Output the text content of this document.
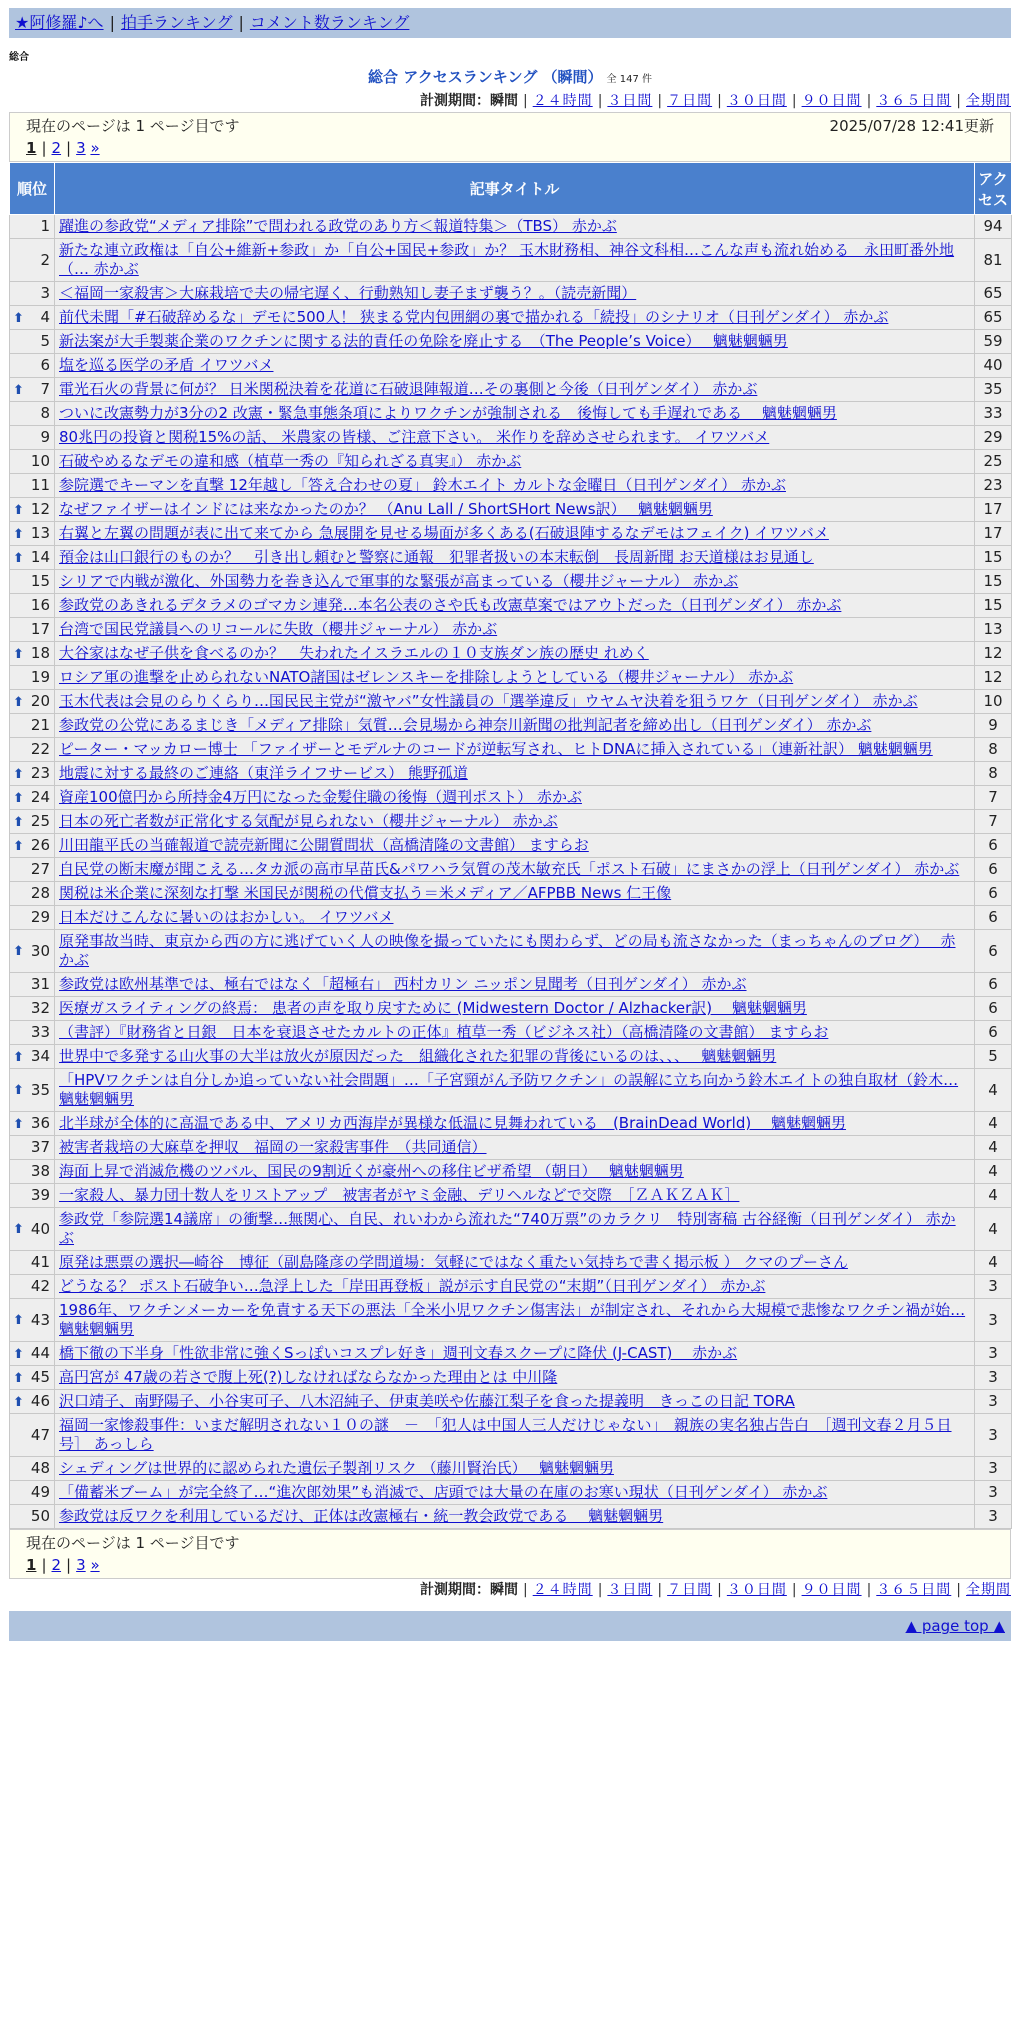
★阿修羅♪へ | 拍手ランキング | コメント数ランキング
総合
総合 アクセスランキング （瞬間） 全 147 件
計測期間：瞬間 | ２４時間 | ３日間 | ７日間 | ３０日間 | ９０日間 | ３６５日間 | 全期間
現在のページは 1 ページ目です	2025/07/28 12:41更新
1 | 2 | 3 »
順位	記事タイトル	アクセス
1	躍進の参政党“メディア排除”で問われる政党のあり方＜報道特集＞（TBS） 赤かぶ	94
2	新たな連立政権は「自公+維新+参政」か「自公+国民+参政」か？ 玉木財務相、神谷文科相…こんな声も流れ始める　永田町番外地（… 赤かぶ	81
3	＜福岡一家殺害＞大麻栽培で夫の帰宅遅く、行動熟知し妻子まず襲う？。（読売新聞）	65

⬆ 4	前代未聞「#石破辞めるな」デモに500人！ 狭まる党内包囲網の裏で描かれる「続投」のシナリオ（日刊ゲンダイ） 赤かぶ	65
5	新法案が大手製薬企業のワクチンに関する法的責任の免除を廃止する　（The People’s Voice）　 魑魅魍魎男	59
6	塩を巡る医学の矛盾 イワツバメ	40

⬆ 7	電光石火の背景に何が？ 日米関税決着を花道に石破退陣報道…その裏側と今後（日刊ゲンダイ） 赤かぶ	35
8	ついに改憲勢力が3分の2 改憲・緊急事態条項によりワクチンが強制される　後悔しても手遅れである　 魑魅魍魎男	33
9	80兆円の投資と関税15%の話、 米農家の皆様、ご注意下さい。 米作りを辞めさせられます。 イワツバメ	29
10	石破やめるなデモの違和感（植草一秀の『知られざる真実』） 赤かぶ	25
11	参院選でキーマンを直撃 12年越し「答え合わせの夏」 鈴木エイト カルトな金曜日（日刊ゲンダイ） 赤かぶ	23

⬆ 12	なぜファイザーはインドには来なかったのか？ （Anu Lall / ShortSHort News訳）　 魑魅魍魎男	17

⬆ 13	右翼と左翼の問題が表に出て来てから 急展開を見せる場面が多くある(石破退陣するなデモはフェイク) イワツバメ	17

⬆ 14	預金は山口銀行のものか？　引き出し頼むと警察に通報　犯罪者扱いの本末転倒　長周新聞 お天道様はお見通し	15
15	シリアで内戦が激化、外国勢力を巻き込んで軍事的な緊張が高まっている（櫻井ジャーナル） 赤かぶ	15
16	参政党のあきれるデタラメのゴマカシ連発…本名公表のさや氏も改憲草案ではアウトだった（日刊ゲンダイ） 赤かぶ	15
17	台湾で国民党議員へのリコールに失敗（櫻井ジャーナル） 赤かぶ	13

⬆ 18	大谷家はなぜ子供を食べるのか？　失われたイスラエルの１０支族ダン族の歴史 れめく	12
19	ロシア軍の進撃を止められないNATO諸国はゼレンスキーを排除しようとしている（櫻井ジャーナル） 赤かぶ	12

⬆ 20	玉木代表は会見のらりくらり…国民民主党が“激ヤバ”女性議員の「選挙違反」ウヤムヤ決着を狙うワケ（日刊ゲンダイ） 赤かぶ	10
21	参政党の公党にあるまじき「メディア排除」気質…会見場から神奈川新聞の批判記者を締め出し（日刊ゲンダイ） 赤かぶ	9
22	ピーター・マッカロー博士 「ファイザーとモデルナのコードが逆転写され、ヒトDNAに挿入されている」（連新社訳） 魑魅魍魎男	8

⬆ 23	地震に対する最終のご連絡（東洋ライフサービス） 熊野孤道	8

⬆ 24	資産100億円から所持金4万円になった金髪住職の後悔（週刊ポスト） 赤かぶ	7

⬆ 25	日本の死亡者数が正常化する気配が見られない（櫻井ジャーナル） 赤かぶ	7

⬆ 26	川田龍平氏の当確報道で読売新聞に公開質問状（高橋清隆の文書館） ますらお	6
27	自民党の断末魔が聞こえる…タカ派の高市早苗氏&パワハラ気質の茂木敏充氏「ポスト石破」にまさかの浮上（日刊ゲンダイ） 赤かぶ	6
28	関税は米企業に深刻な打撃 米国民が関税の代償支払う＝米メディア／AFPBB News 仁王像	6
29	日本だけこんなに暑いのはおかしい。 イワツバメ	6

⬆ 30	原発事故当時、東京から西の方に逃げていく人の映像を撮っていたにも関わらず、どの局も流さなかった（まっちゃんのブログ）　 赤かぶ	6
31	参政党は欧州基準では、極右ではなく「超極右」 西村カリン ニッポン見聞考（日刊ゲンダイ） 赤かぶ	6
32	医療ガスライティングの終焉： 患者の声を取り戻すために (Midwestern Doctor / Alzhacker訳)　 魑魅魍魎男	6
33	（書評）『財務省と日銀　日本を衰退させたカルトの正体』植草一秀（ビジネス社）（高橋清隆の文書館） ますらお	6

⬆ 34	世界中で多発する山火事の大半は放火が原因だった　組織化された犯罪の背後にいるのは、、、　 魑魅魍魎男	5

⬆ 35	「HPVワクチンは自分しか追っていない社会問題」…「子宮頸がん予防ワクチン」の誤解に立ち向かう鈴木エイトの独自取材（鈴木… 魑魅魍魎男	4

⬆ 36	北半球が全体的に高温である中、アメリカ西海岸が異様な低温に見舞われている　(BrainDead World)　 魑魅魍魎男	4
37	被害者栽培の大麻草を押収　福岡の一家殺害事件　（共同通信）	4
38	海面上昇で消滅危機のツバル、国民の9割近くが豪州への移住ビザ希望 （朝日）　 魑魅魍魎男	4
39	一家殺人、暴力団十数人をリストアップ　被害者がヤミ金融、デリヘルなどで交際　［ＺＡＫＺＡＫ］	4

⬆ 40	参政党「参院選14議席」の衝撃…無関心、自民、れいわから流れた“740万票”のカラクリ　特別寄稿 古谷経衡（日刊ゲンダイ） 赤かぶ	4
41	原発は悪票の選択―崎谷　博征（副島隆彦の学問道場：気軽にではなく重たい気持ちで書く掲示板 ） クマのプーさん	4
42	どうなる？ ポスト石破争い…急浮上した「岸田再登板」説が示す自民党の“末期”（日刊ゲンダイ） 赤かぶ	3

⬆ 43	1986年、ワクチンメーカーを免責する天下の悪法「全米小児ワクチン傷害法」が制定され、それから大規模で悲惨なワクチン禍が始… 魑魅魍魎男	3

⬆ 44	橋下徹の下半身「性欲非常に強くSっぽいコスプレ好き」週刊文春スクープに降伏 (J-CAST)　 赤かぶ	3

⬆ 45	高円宮が 47歳の若さで腹上死(?)しなければならなかった理由とは 中川隆	3

⬆ 46	沢口靖子、南野陽子、小谷実可子、八木沼純子、伊東美咲や佐藤江梨子を食った提義明　きっこの日記 TORA	3
47	福岡一家惨殺事件：いまだ解明されない１０の謎　－　「犯人は中国人三人だけじゃない」　親族の実名独占告白　［週刊文春２月５日号］ あっしら	3
48	シェディングは世界的に認められた遺伝子製剤リスク （藤川賢治氏）　 魑魅魍魎男	3
49	「備蓄米ブーム」が完全終了…“進次郎効果”も消滅で、店頭では大量の在庫のお寒い現状（日刊ゲンダイ） 赤かぶ	3
50	参政党は反ワクを利用しているだけ、正体は改憲極右・統一教会政党である　 魑魅魍魎男	3
現在のページは 1 ページ目です
1 | 2 | 3 »
計測期間：瞬間 | ２４時間 | ３日間 | ７日間 | ３０日間 | ９０日間 | ３６５日間 | 全期間
▲ page top ▲
